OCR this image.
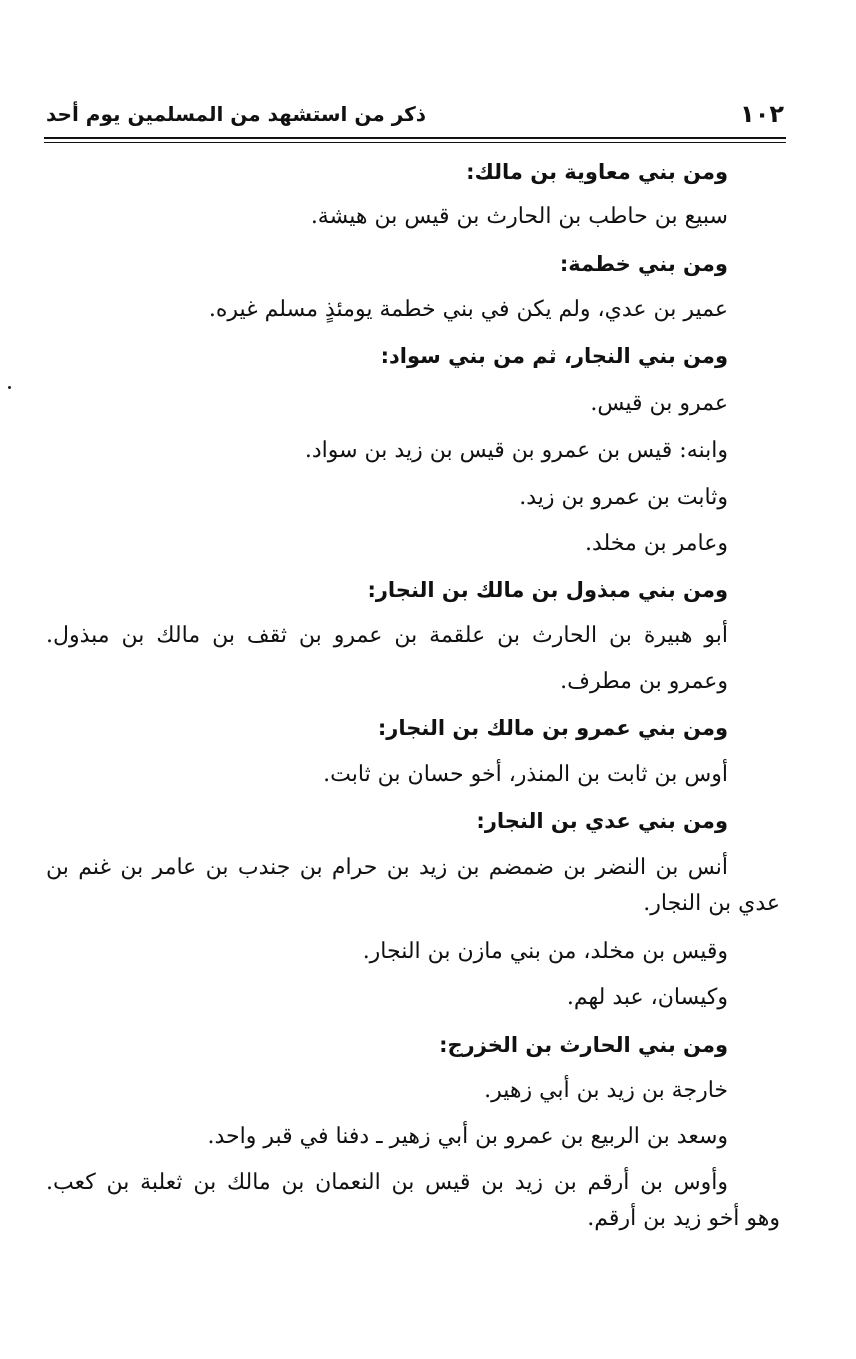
١٠٢
ذكر من استشهد من المسلمين يوم أحد
ومن بني معاوية بن مالك:
سبيع بن حاطب بن الحارث بن قيس بن هيشة.
ومن بني خطمة:
عمير بن عدي، ولم يكن في بني خطمة يومئذٍ مسلم غيره.
ومن بني النجار، ثم من بني سواد:
عمرو بن قيس.
وابنه: قيس بن عمرو بن قيس بن زيد بن سواد.
وثابت بن عمرو بن زيد.
وعامر بن مخلد.
ومن بني مبذول بن مالك بن النجار:
أبو هبيرة بن الحارث بن علقمة بن عمرو بن ثقف بن مالك بن مبذول.
وعمرو بن مطرف.
ومن بني عمرو بن مالك بن النجار:
أوس بن ثابت بن المنذر، أخو حسان بن ثابت.
ومن بني عدي بن النجار:
أنس بن النضر بن ضمضم بن زيد بن حرام بن جندب بن عامر بن غنم بن
عدي بن النجار.
وقيس بن مخلد، من بني مازن بن النجار.
وكيسان، عبد لهم.
ومن بني الحارث بن الخزرج:
خارجة بن زيد بن أبي زهير.
وسعد بن الربيع بن عمرو بن أبي زهير ـ دفنا في قبر واحد.
وأوس بن أرقم بن زيد بن قيس بن النعمان بن مالك بن ثعلبة بن كعب.
وهو أخو زيد بن أرقم.
